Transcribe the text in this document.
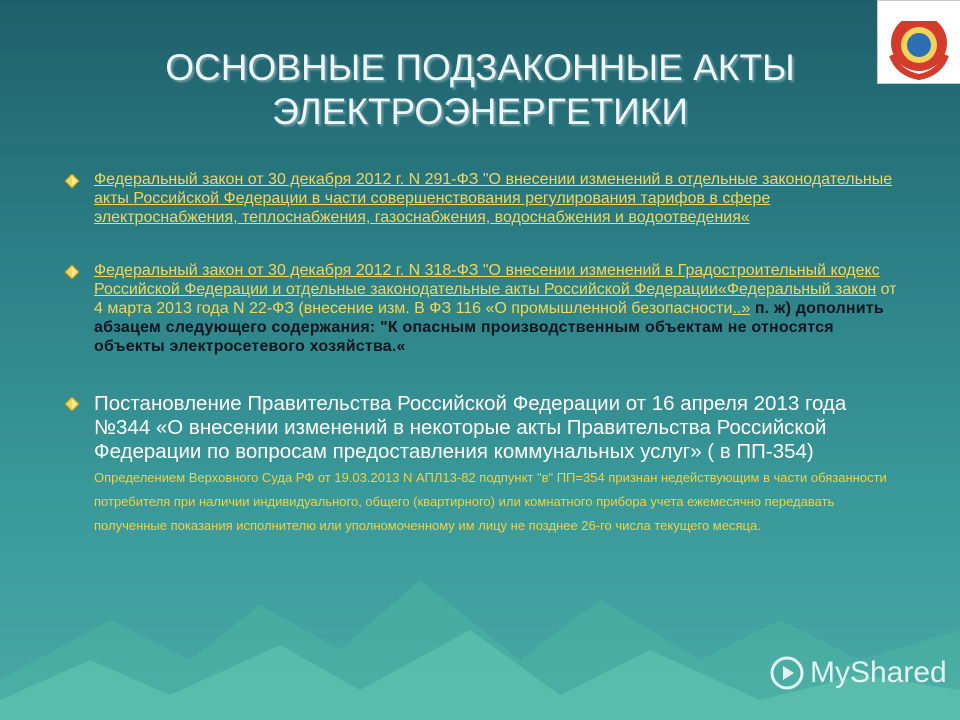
ОСНОВНЫЕ ПОДЗАКОННЫЕ АКТЫ
ЭЛЕКТРОЭНЕРГЕТИКИ
Федеральный закон от 30 декабря 2012 г. N 291-ФЗ "О внесении изменений в отдельные законодательные акты Российской Федерации в части совершенствования регулирования тарифов в сфере электроснабжения, теплоснабжения, газоснабжения, водоснабжения и водоотведения«
Федеральный закон от 30 декабря 2012 г. N 318-ФЗ "О внесении изменений в Градостроительный кодекс Российской Федерации и отдельные законодательные акты Российской Федерации«Федеральный закон от 4 марта 2013 года N 22-ФЗ (внесение изм. В ФЗ 116 «О промышленной безопасности..» п. ж) дополнить абзацем следующего содержания: "К опасным производственным объектам не относятся объекты электросетевого хозяйства.«
Постановление Правительства Российской Федерации от 16 апреля 2013 года №344 «О внесении изменений в некоторые акты Правительства Российской Федерации по вопросам предоставления коммунальных услуг» ( в ПП-354) Определением Верховного Суда РФ от 19.03.2013 N АПЛ13-82 подпункт "в" ПП=354 признан недействующим в части обязанности потребителя при наличии индивидуального, общего (квартирного) или комнатного прибора учета ежемесячно передавать полученные показания исполнителю или уполномоченному им лицу не позднее 26-го числа текущего месяца.
MyShared
